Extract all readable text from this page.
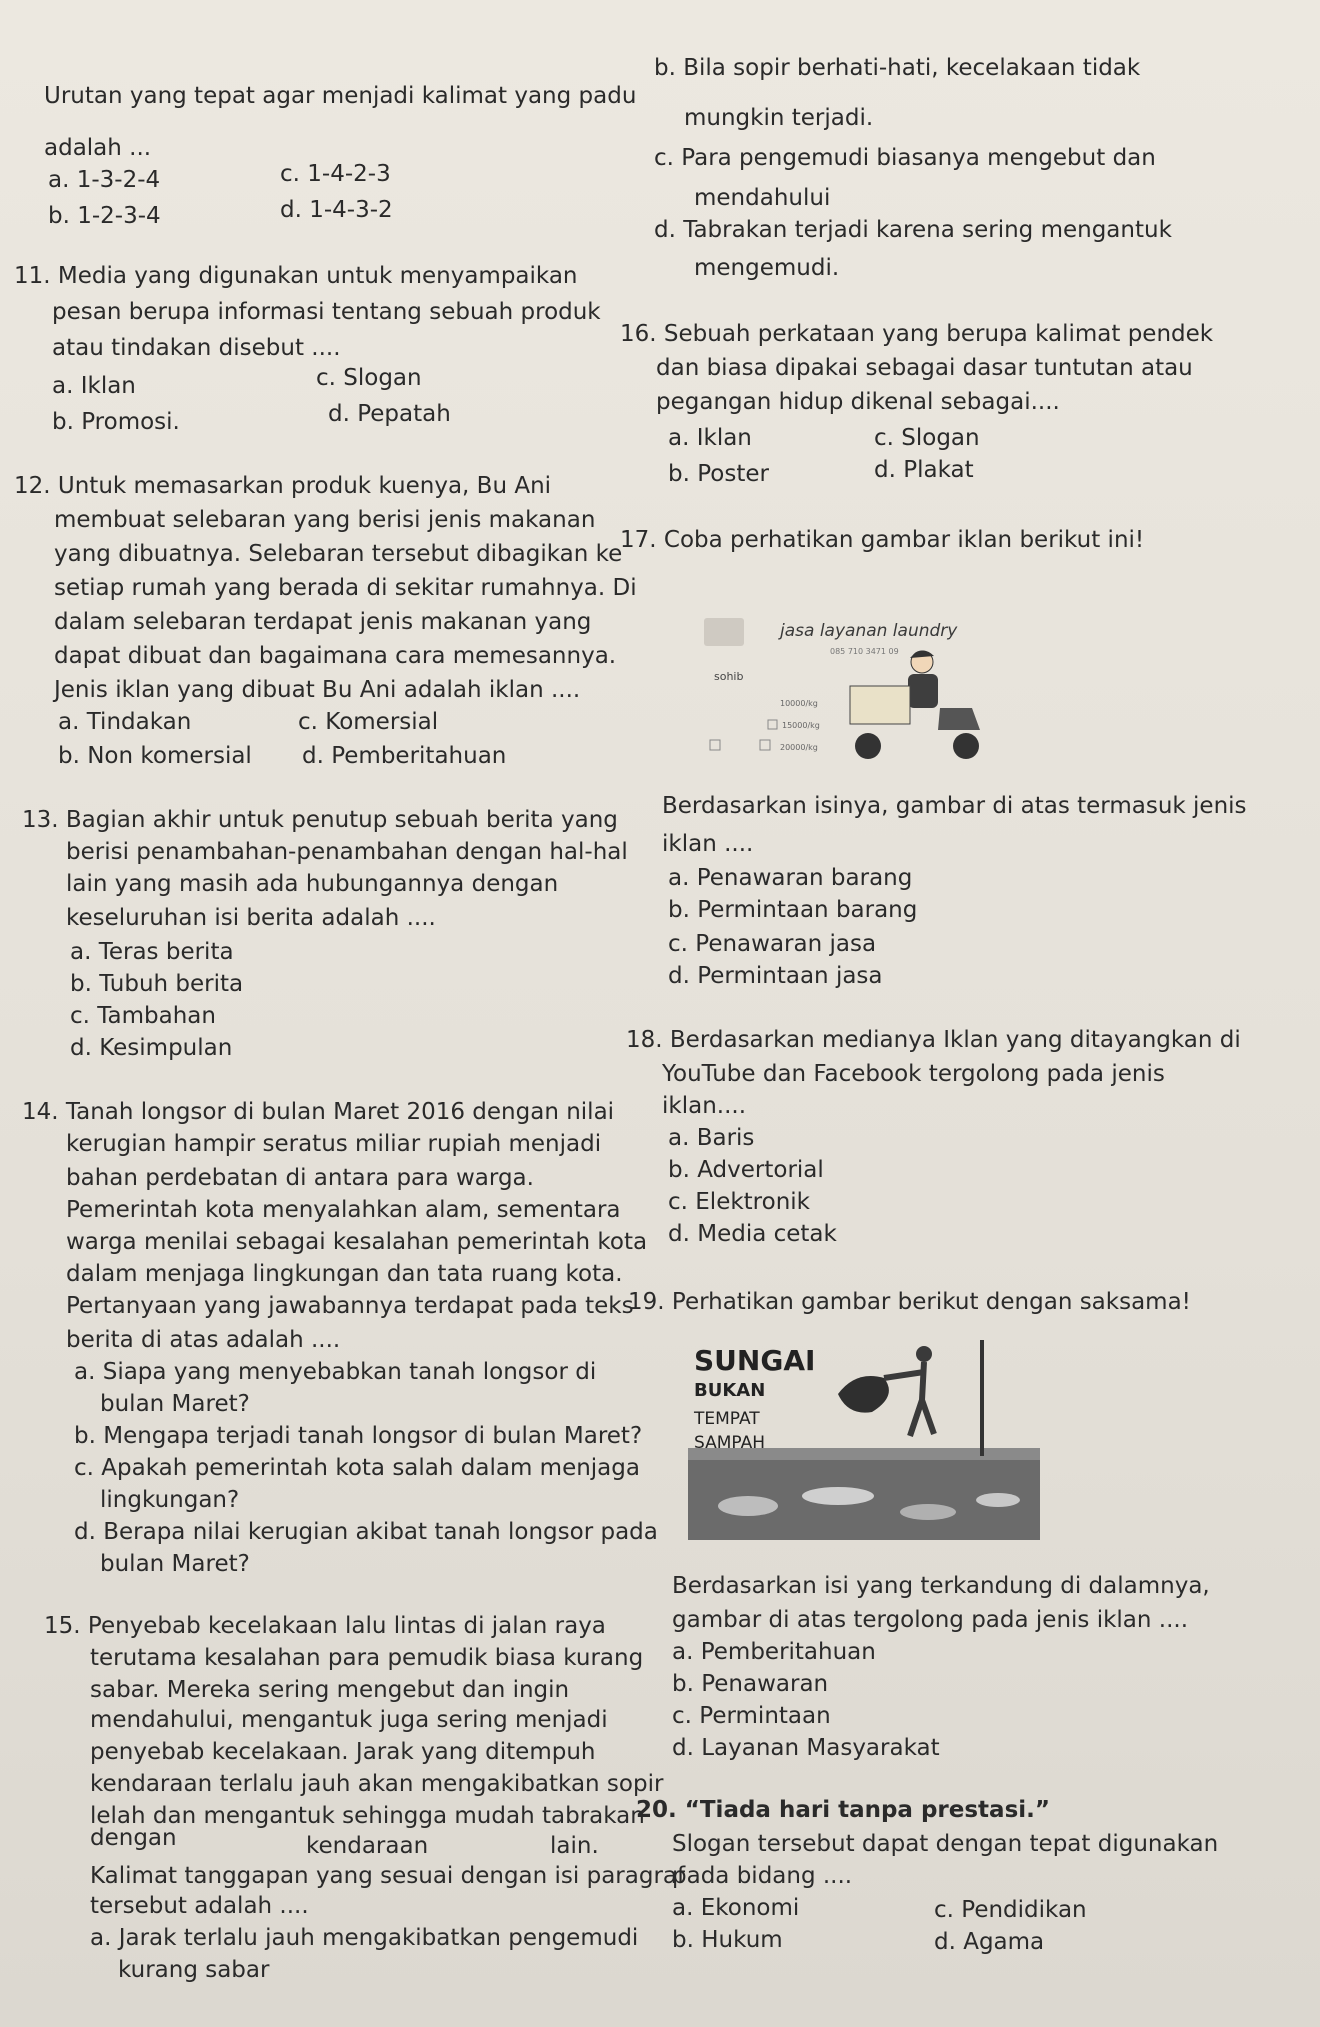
Urutan yang tepat agar menjadi kalimat yang padu
adalah ...
a. 1-3-2-4	c. 1-4-2-3
b. 1-2-3-4	d. 1-4-3-2
11. Media yang digunakan untuk menyampaikan
pesan berupa informasi tentang sebuah produk
atau tindakan disebut ....
a. Iklan	c. Slogan
b. Promosi.	d. Pepatah
12. Untuk memasarkan produk kuenya, Bu Ani
membuat selebaran yang berisi jenis makanan
yang dibuatnya. Selebaran tersebut dibagikan ke
setiap rumah yang berada di sekitar rumahnya. Di
dalam selebaran terdapat jenis makanan yang
dapat dibuat dan bagaimana cara memesannya.
Jenis iklan yang dibuat Bu Ani adalah iklan ....
a. Tindakan	c. Komersial
b. Non komersial d. Pemberitahuan
13. Bagian akhir untuk penutup sebuah berita yang
berisi penambahan-penambahan dengan hal-hal
lain yang masih ada hubungannya dengan
keseluruhan isi berita adalah ....
a. Teras berita
b. Tubuh berita
c. Tambahan
d. Kesimpulan
14. Tanah longsor di bulan Maret 2016 dengan nilai
kerugian hampir seratus miliar rupiah menjadi
bahan perdebatan di antara para warga.
Pemerintah kota menyalahkan alam, sementara
warga menilai sebagai kesalahan pemerintah kota
dalam menjaga lingkungan dan tata ruang kota.
Pertanyaan yang jawabannya terdapat pada teks
berita di atas adalah ....
a. Siapa yang menyebabkan tanah longsor di
bulan Maret?
b. Mengapa terjadi tanah longsor di bulan Maret?
c. Apakah pemerintah kota salah dalam menjaga
lingkungan?
d. Berapa nilai kerugian akibat tanah longsor pada
bulan Maret?
15. Penyebab kecelakaan lalu lintas di jalan raya
terutama kesalahan para pemudik biasa kurang
sabar. Mereka sering mengebut dan ingin
mendahului, mengantuk juga sering menjadi
penyebab kecelakaan. Jarak yang ditempuh
kendaraan terlalu jauh akan mengakibatkan sopir
lelah dan mengantuk sehingga mudah tabrakan
dengan	kendaraan	lain.
Kalimat tanggapan yang sesuai dengan isi paragraf
tersebut adalah ....
a. Jarak terlalu jauh mengakibatkan pengemudi
kurang sabar
b. Bila sopir berhati-hati, kecelakaan tidak
mungkin terjadi.
c. Para pengemudi biasanya mengebut dan
mendahului
d. Tabrakan terjadi karena sering mengantuk
mengemudi.
16. Sebuah perkataan yang berupa kalimat pendek
dan biasa dipakai sebagai dasar tuntutan atau
pegangan hidup dikenal sebagai....
a. Iklan	c. Slogan
b. Poster	d. Plakat
17. Coba perhatikan gambar iklan berikut ini!
jasa layanan laundry
085 710 3471 09
sohib
10000/kg
15000/kg
20000/kg
Berdasarkan isinya, gambar di atas termasuk jenis
iklan ....
a. Penawaran barang
b. Permintaan barang
c. Penawaran jasa
d. Permintaan jasa
18. Berdasarkan medianya Iklan yang ditayangkan di
YouTube dan Facebook tergolong pada jenis
iklan....
a. Baris
b. Advertorial
c. Elektronik
d. Media cetak
19. Perhatikan gambar berikut dengan saksama!
SUNGAI
BUKAN
TEMPAT
SAMPAH
Berdasarkan isi yang terkandung di dalamnya,
gambar di atas tergolong pada jenis iklan ....
a. Pemberitahuan
b. Penawaran
c. Permintaan
d. Layanan Masyarakat
20. “Tiada hari tanpa prestasi.”
Slogan tersebut dapat dengan tepat digunakan
pada bidang ....
a. Ekonomi	c. Pendidikan
b. Hukum	d. Agama
